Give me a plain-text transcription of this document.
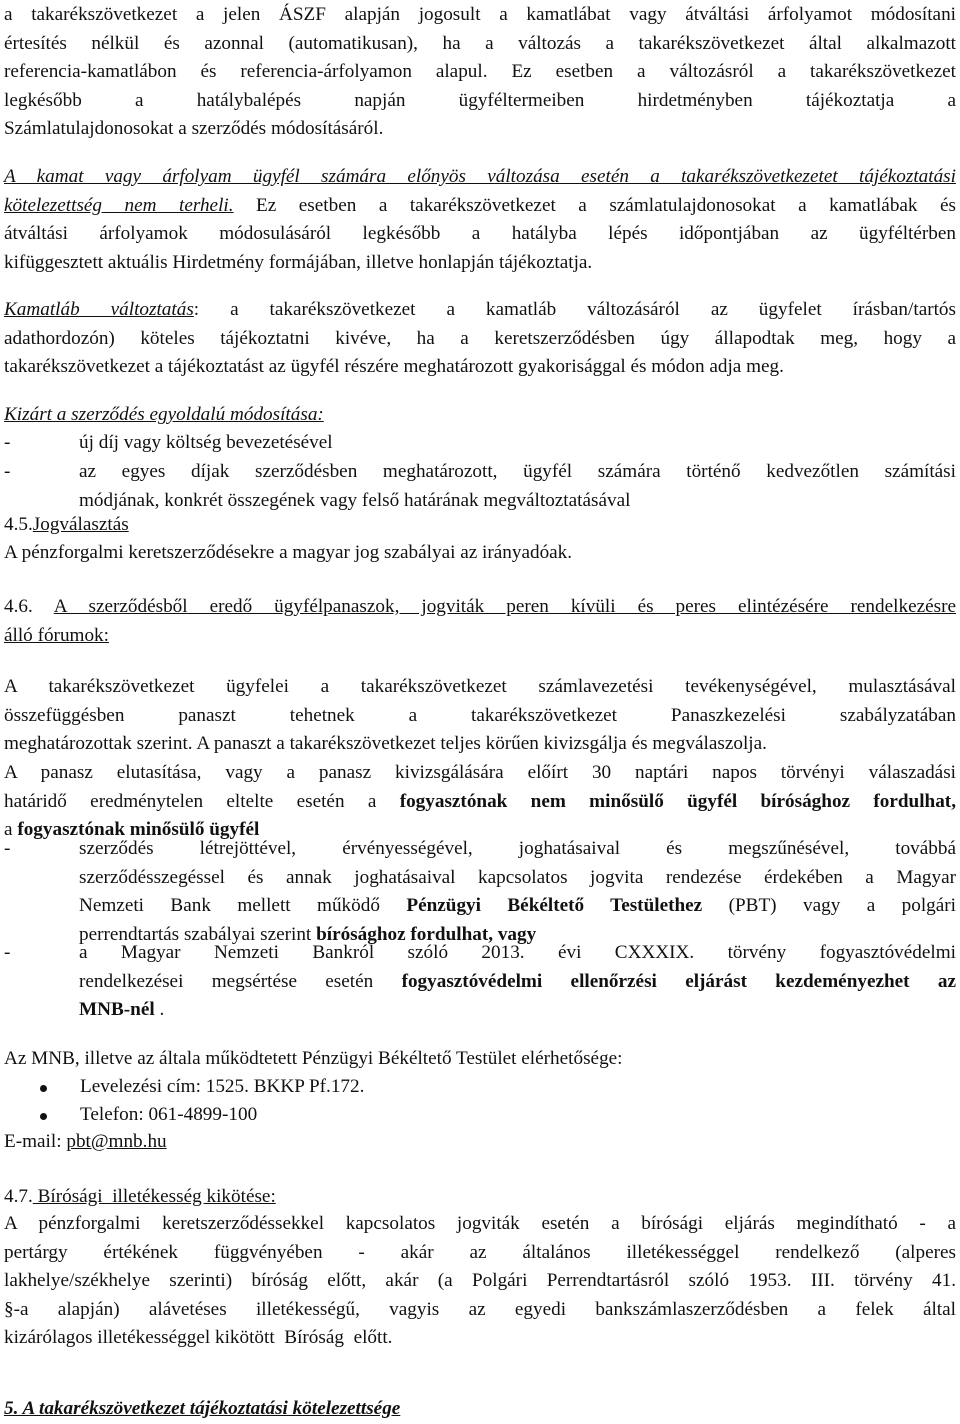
a takarékszövetkezet a jelen ÁSZF alapján jogosult a kamatlábat vagy átváltási árfolyamot módosítani
értesítés nélkül és azonnal (automatikusan), ha a változás a takarékszövetkezet által alkalmazott
referencia-kamatlábon és referencia-árfolyamon alapul. Ez esetben a változásról a takarékszövetkezet
legkésőbb a hatálybalépés napján ügyféltermeiben hirdetményben tájékoztatja a
Számlatulajdonosokat a szerződés módosításáról.
A kamat vagy árfolyam ügyfél számára előnyös változása esetén a takarékszövetkezetet tájékoztatási
kötelezettség nem terheli. Ez esetben a takarékszövetkezet a számlatulajdonosokat a kamatlábak és
átváltási árfolyamok módosulásáról legkésőbb a hatályba lépés időpontjában az ügyféltérben
kifüggesztett aktuális Hirdetmény formájában, illetve honlapján tájékoztatja.
Kamatláb változtatás: a takarékszövetkezet a kamatláb változásáról az ügyfelet írásban/tartós
adathordozón) köteles tájékoztatni kivéve, ha a keretszerződésben úgy állapodtak meg, hogy a
takarékszövetkezet a tájékoztatást az ügyfél részére meghatározott gyakorisággal és módon adja meg.
Kizárt a szerződés egyoldalú módosítása:
-	új díj vagy költség bevezetésével
-	az egyes díjak szerződésben meghatározott, ügyfél számára történő kedvezőtlen számítási
módjának, konkrét összegének vagy felső határának megváltoztatásával
4.5.Jogválasztás
A pénzforgalmi keretszerződésekre a magyar jog szabályai az irányadóak.
4.6. A szerződésből eredő ügyfélpanaszok, jogviták peren kívüli és peres elintézésére rendelkezésre
álló fórumok:
A takarékszövetkezet ügyfelei a takarékszövetkezet számlavezetési tevékenységével, mulasztásával
összefüggésben panaszt tehetnek a takarékszövetkezet Panaszkezelési szabályzatában
meghatározottak szerint. A panaszt a takarékszövetkezet teljes körűen kivizsgálja és megválaszolja.
A panasz elutasítása, vagy a panasz kivizsgálására előírt 30 naptári napos törvényi válaszadási
határidő eredménytelen eltelte esetén a fogyasztónak nem minősülő ügyfél bírósághoz fordulhat,
a fogyasztónak minősülő ügyfél
-	szerződés létrejöttével, érvényességével, joghatásaival és megszűnésével, továbbá
szerződésszegéssel és annak joghatásaival kapcsolatos jogvita rendezése érdekében a Magyar
Nemzeti Bank mellett működő Pénzügyi Békéltető Testülethez (PBT) vagy a polgári
perrendtartás szabályai szerint bírósághoz fordulhat, vagy
-	a Magyar Nemzeti Bankról szóló 2013. évi CXXXIX. törvény fogyasztóvédelmi
rendelkezései megsértése esetén fogyasztóvédelmi ellenőrzési eljárást kezdeményezhet az
MNB-nél .
Az MNB, illetve az általa működtetett Pénzügyi Békéltető Testület elérhetősége:
Levelezési cím: 1525. BKKP Pf.172.
Telefon: 061-4899-100
E-mail: pbt@mnb.hu
4.7. Bírósági  illetékesség kikötése:
A pénzforgalmi keretszerződéssekkel kapcsolatos jogviták esetén a bírósági eljárás megindítható - a
pertárgy értékének függvényében - akár az általános illetékességgel rendelkező (alperes
lakhelye/székhelye szerinti) bíróság előtt, akár (a Polgári Perrendtartásról szóló 1953. III. törvény 41.
§-a alapján) alávetéses illetékességű, vagyis az egyedi bankszámlaszerződésben a felek által
kizárólagos illetékességgel kikötött  Bíróság  előtt.
5. A takarékszövetkezet tájékoztatási kötelezettsége
